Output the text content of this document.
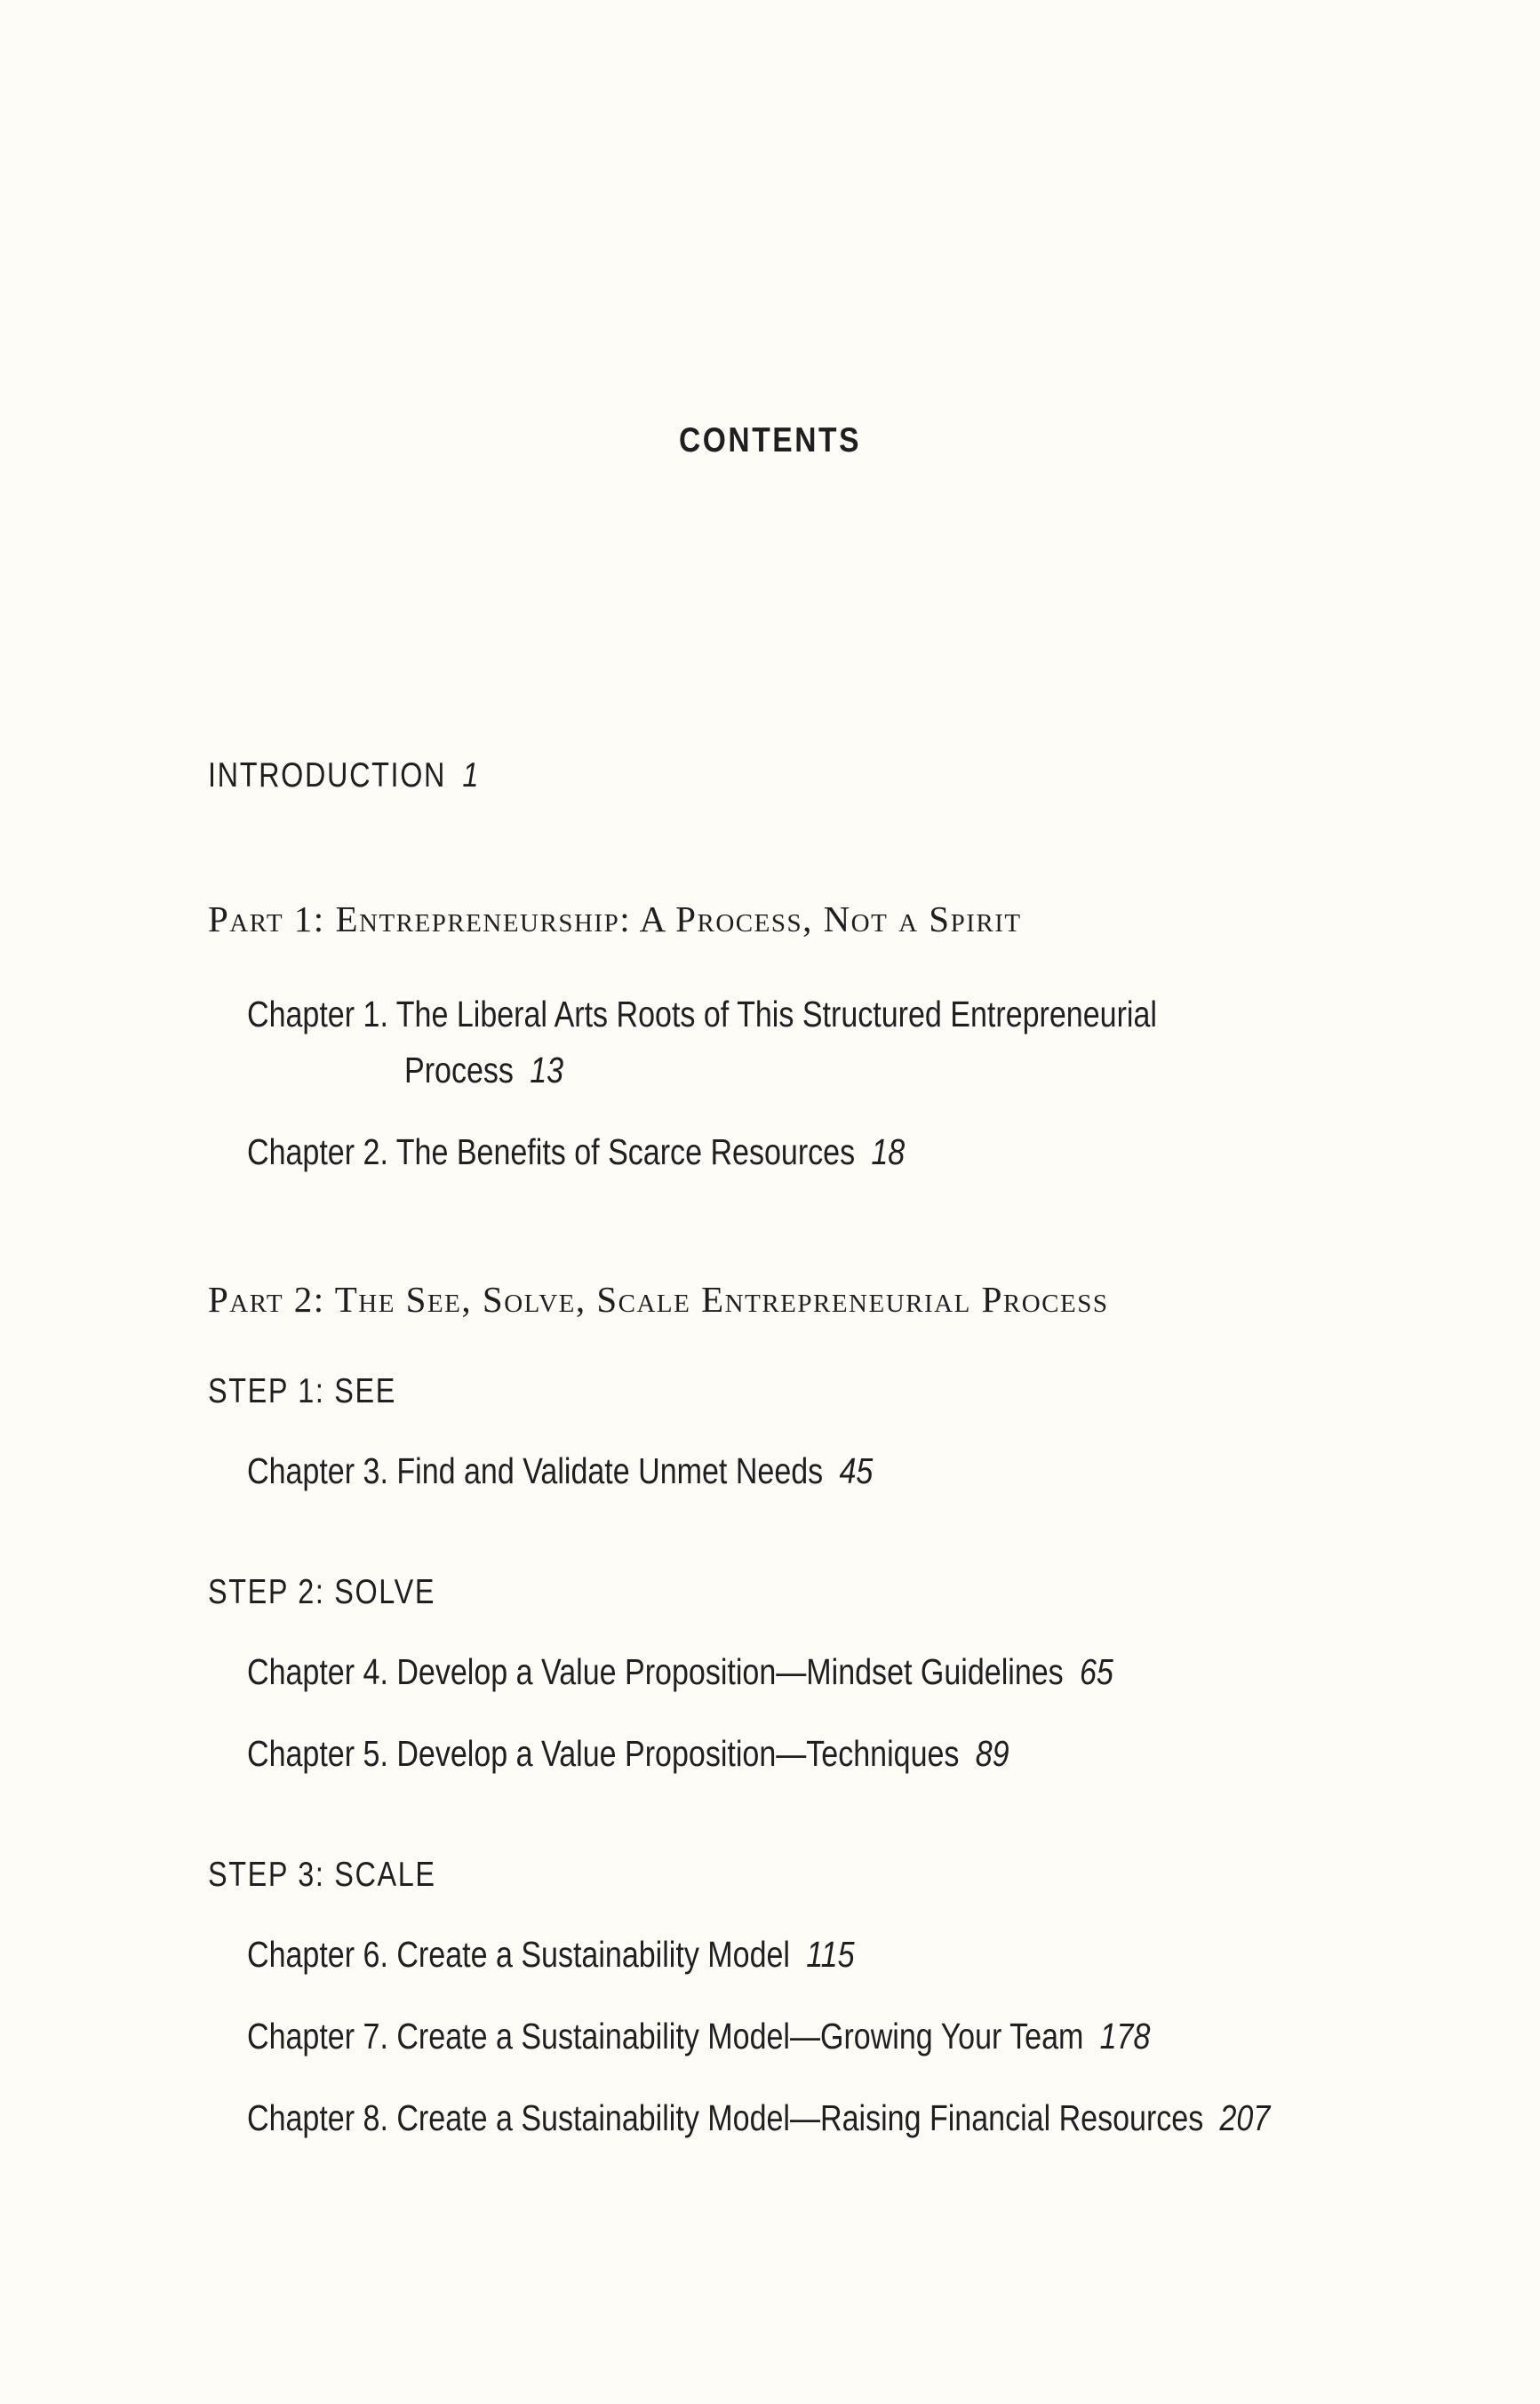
CONTENTS
INTRODUCTION 1
Part 1: Entrepreneurship: A Process, Not a Spirit
Chapter 1. The Liberal Arts Roots of This Structured Entrepreneurial
Process 13
Chapter 2. The Benefits of Scarce Resources 18
Part 2: The See, Solve, Scale Entrepreneurial Process
STEP 1: SEE
Chapter 3. Find and Validate Unmet Needs 45
STEP 2: SOLVE
Chapter 4. Develop a Value Proposition—Mindset Guidelines 65
Chapter 5. Develop a Value Proposition—Techniques 89
STEP 3: SCALE
Chapter 6. Create a Sustainability Model 115
Chapter 7. Create a Sustainability Model—Growing Your Team 178
Chapter 8. Create a Sustainability Model—Raising Financial Resources 207
